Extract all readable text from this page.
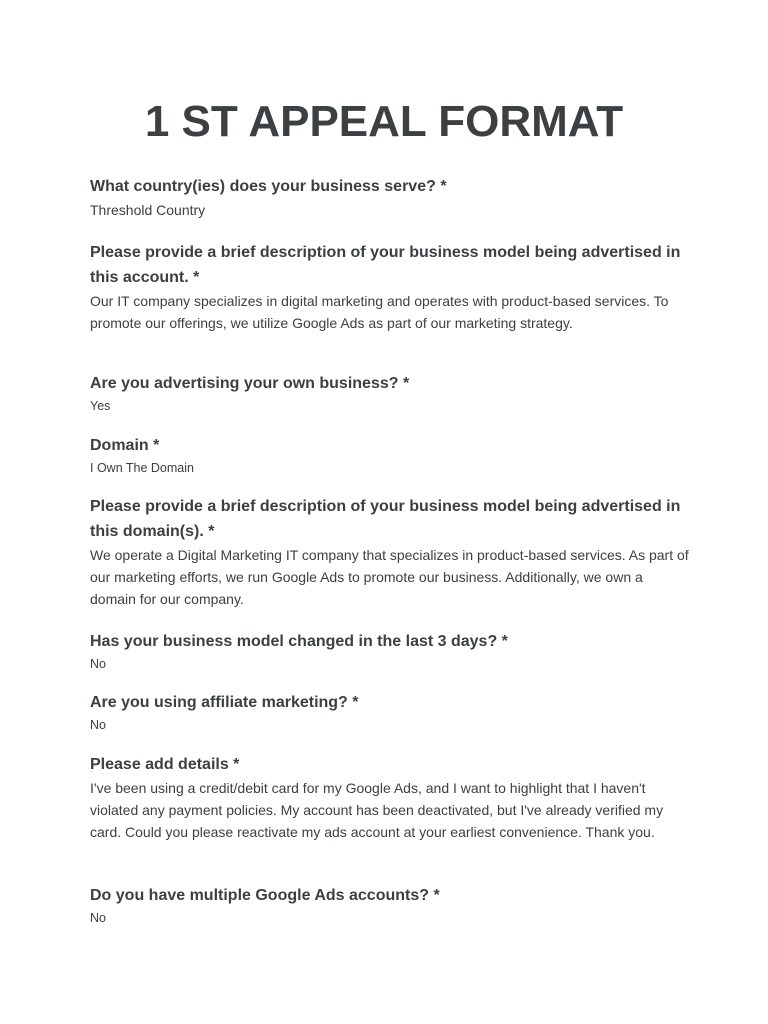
1 ST APPEAL FORMAT

What country(ies) does your business serve? *

Threshold Country

Please provide a brief description of your business model being advertised in this account. *

Our IT company specializes in digital marketing and operates with product-based services. To promote our offerings, we utilize Google Ads as part of our marketing strategy.

Are you advertising your own business? *

Yes

Domain *

I Own The Domain

Please provide a brief description of your business model being advertised in this domain(s). *

We operate a Digital Marketing IT company that specializes in product-based services. As part of our marketing efforts, we run Google Ads to promote our business. Additionally, we own a domain for our company.

Has your business model changed in the last 3 days? *

No

Are you using affiliate marketing? *

No

Please add details *

I've been using a credit/debit card for my Google Ads, and I want to highlight that I haven't violated any payment policies. My account has been deactivated, but I've already verified my card. Could you please reactivate my ads account at your earliest convenience. Thank you.

Do you have multiple Google Ads accounts? *

No
